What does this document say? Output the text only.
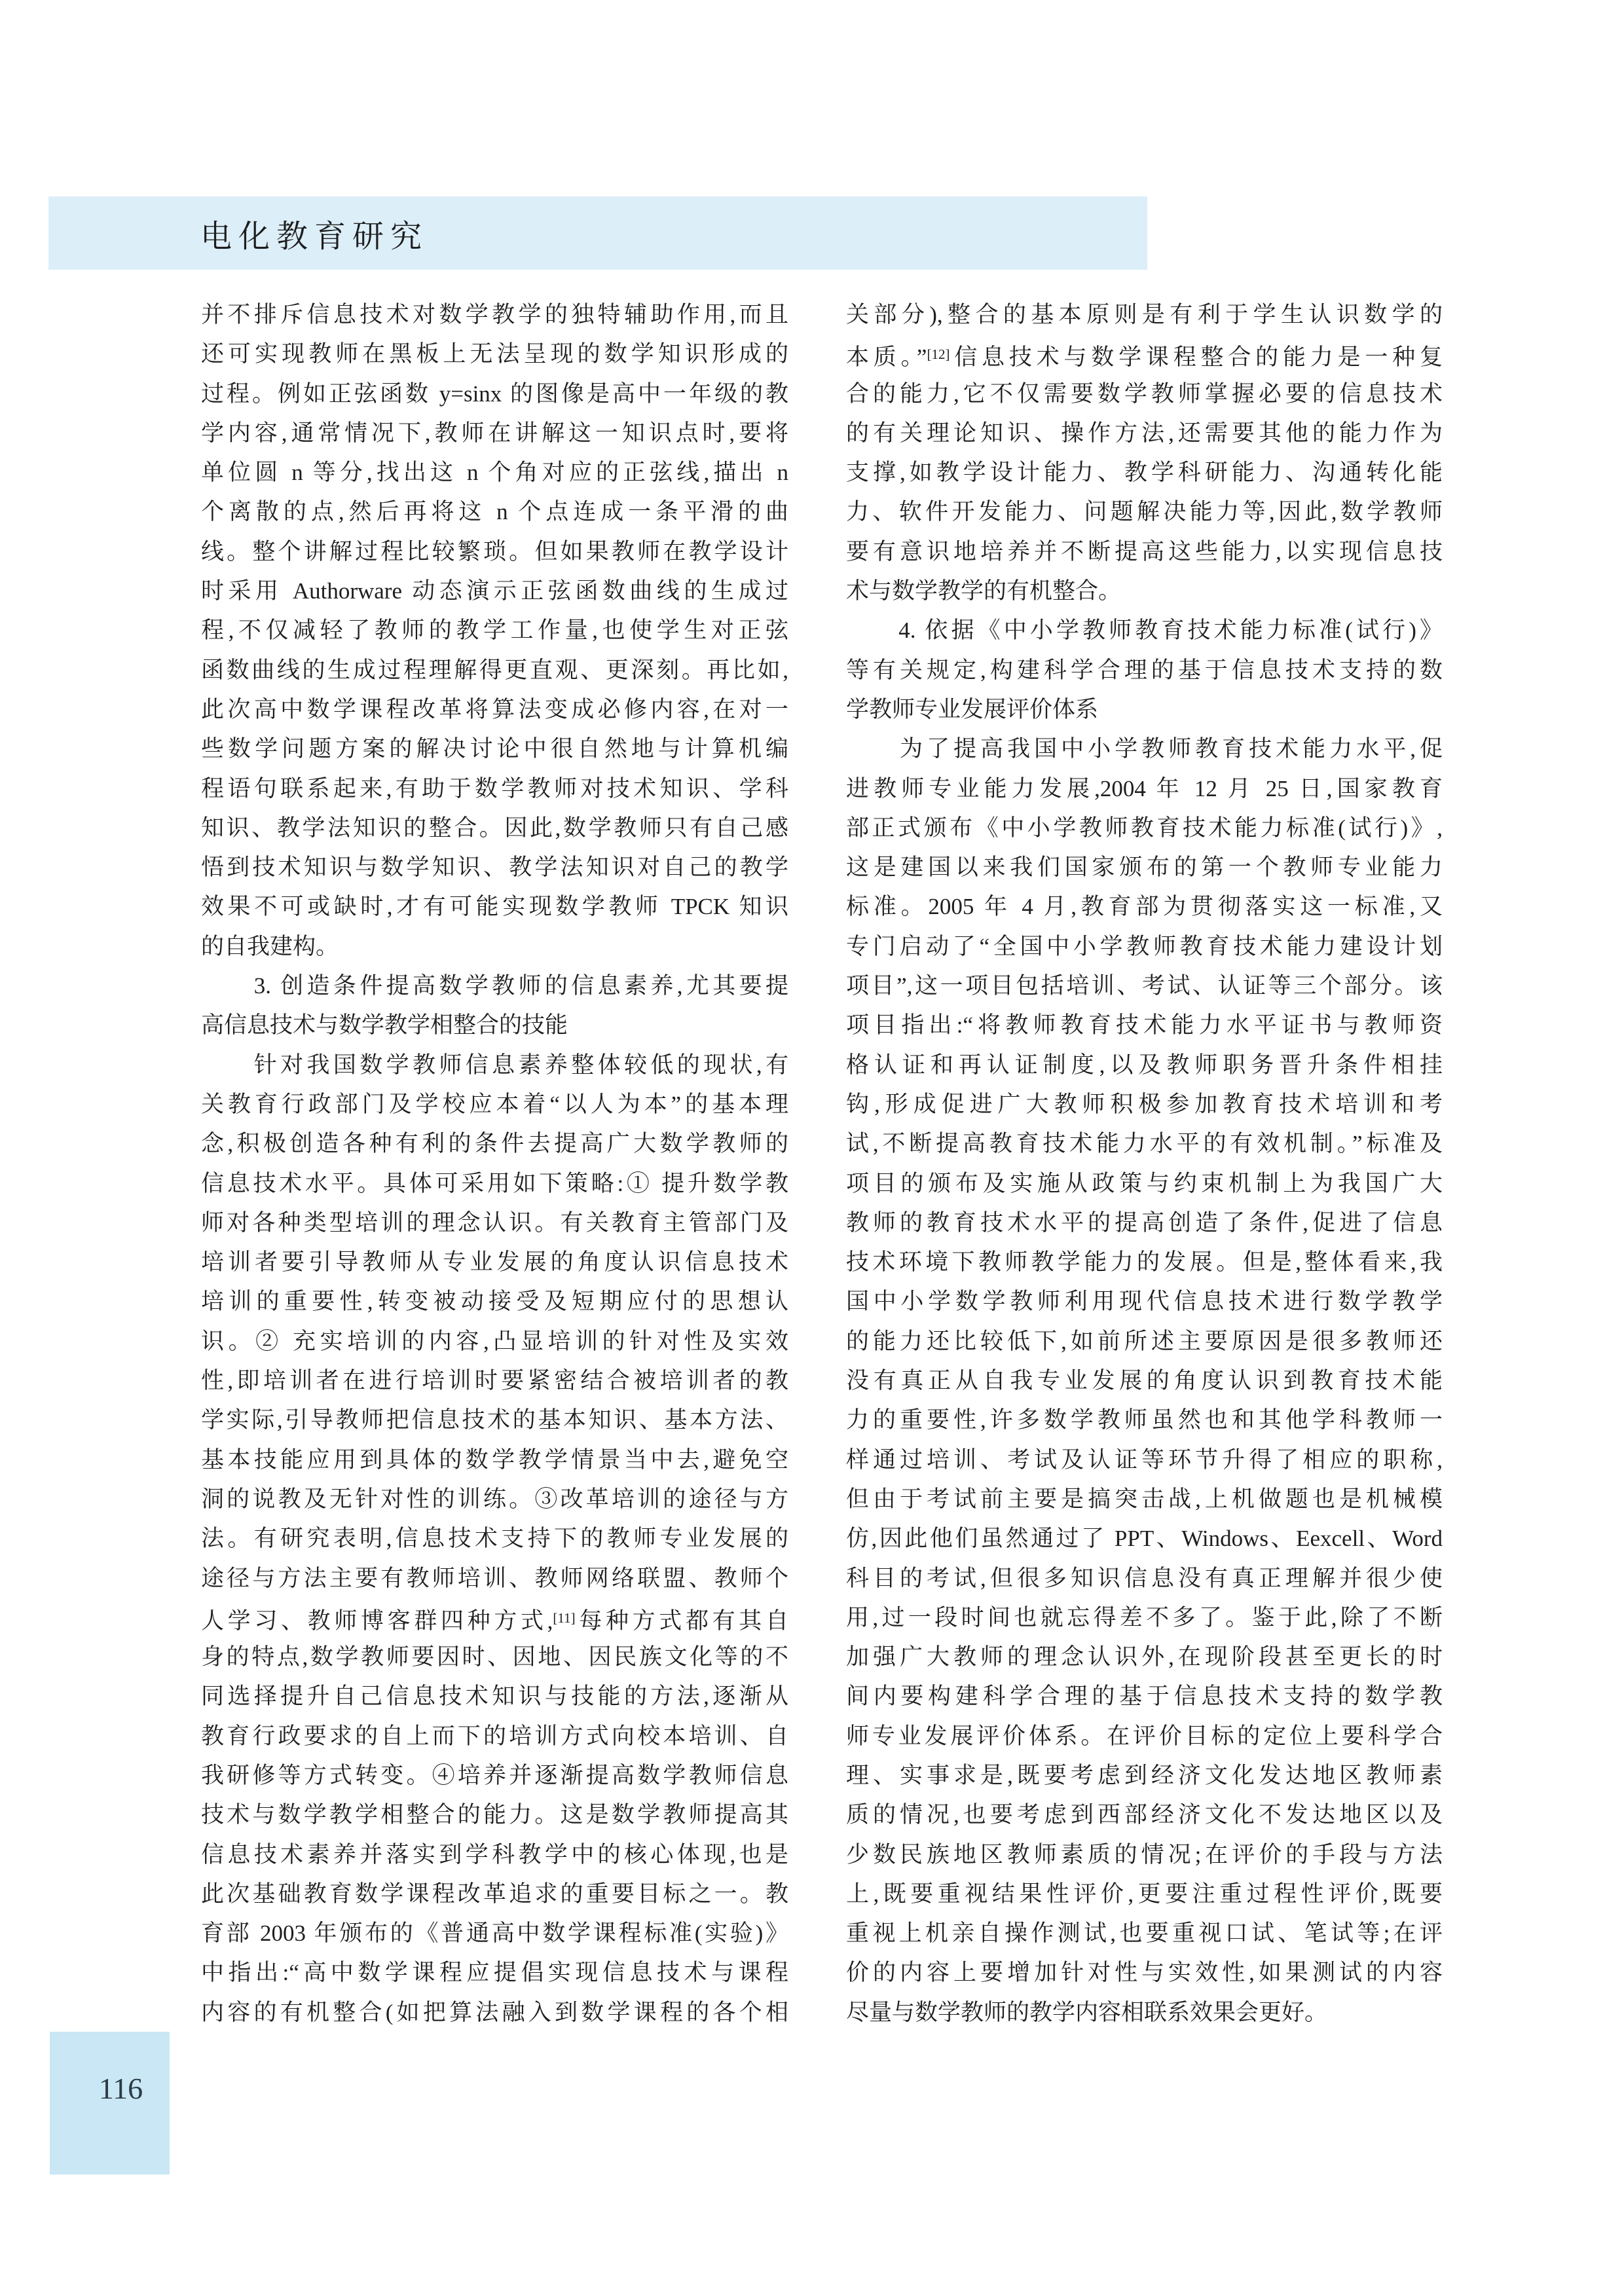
电化教育研究
并不排斥信息技术对数学教学的独特辅助作用,而且
还可实现教师在黑板上无法呈现的数学知识形成的
过程。例如正弦函数 y=sinx 的图像是高中一年级的教
学内容,通常情况下,教师在讲解这一知识点时,要将
单位圆 n 等分,找出这 n 个角对应的正弦线,描出 n
个离散的点,然后再将这 n 个点连成一条平滑的曲
线。整个讲解过程比较繁琐。但如果教师在教学设计
时采用 Authorware 动态演示正弦函数曲线的生成过
程,不仅减轻了教师的教学工作量,也使学生对正弦
函数曲线的生成过程理解得更直观、更深刻。再比如,
此次高中数学课程改革将算法变成必修内容,在对一
些数学问题方案的解决讨论中很自然地与计算机编
程语句联系起来,有助于数学教师对技术知识、学科
知识、教学法知识的整合。因此,数学教师只有自己感
悟到技术知识与数学知识、教学法知识对自己的教学
效果不可或缺时,才有可能实现数学教师 TPCK 知识
的自我建构。
　　3. 创造条件提高数学教师的信息素养,尤其要提
高信息技术与数学教学相整合的技能
　　针对我国数学教师信息素养整体较低的现状,有
关教育行政部门及学校应本着“以人为本”的基本理
念,积极创造各种有利的条件去提高广大数学教师的
信息技术水平。具体可采用如下策略:① 提升数学教
师对各种类型培训的理念认识。有关教育主管部门及
培训者要引导教师从专业发展的角度认识信息技术
培训的重要性,转变被动接受及短期应付的思想认
识。② 充实培训的内容,凸显培训的针对性及实效
性,即培训者在进行培训时要紧密结合被培训者的教
学实际,引导教师把信息技术的基本知识、基本方法、
基本技能应用到具体的数学教学情景当中去,避免空
洞的说教及无针对性的训练。③改革培训的途径与方
法。有研究表明,信息技术支持下的教师专业发展的
途径与方法主要有教师培训、教师网络联盟、教师个
人学习、教师博客群四种方式,[11]每种方式都有其自
身的特点,数学教师要因时、因地、因民族文化等的不
同选择提升自己信息技术知识与技能的方法,逐渐从
教育行政要求的自上而下的培训方式向校本培训、自
我研修等方式转变。④培养并逐渐提高数学教师信息
技术与数学教学相整合的能力。这是数学教师提高其
信息技术素养并落实到学科教学中的核心体现,也是
此次基础教育数学课程改革追求的重要目标之一。教
育部 2003 年颁布的《普通高中数学课程标准(实验)》
中指出:“高中数学课程应提倡实现信息技术与课程
内容的有机整合(如把算法融入到数学课程的各个相
关部分),整合的基本原则是有利于学生认识数学的
本质。”[12]信息技术与数学课程整合的能力是一种复
合的能力,它不仅需要数学教师掌握必要的信息技术
的有关理论知识、操作方法,还需要其他的能力作为
支撑,如教学设计能力、教学科研能力、沟通转化能
力、软件开发能力、问题解决能力等,因此,数学教师
要有意识地培养并不断提高这些能力,以实现信息技
术与数学教学的有机整合。
　　4. 依据《中小学教师教育技术能力标准(试行)》
等有关规定,构建科学合理的基于信息技术支持的数
学教师专业发展评价体系
　　为了提高我国中小学教师教育技术能力水平,促
进教师专业能力发展,2004 年 12 月 25 日,国家教育
部正式颁布《中小学教师教育技术能力标准(试行)》,
这是建国以来我们国家颁布的第一个教师专业能力
标准。2005 年 4 月,教育部为贯彻落实这一标准,又
专门启动了“全国中小学教师教育技术能力建设计划
项目”,这一项目包括培训、考试、认证等三个部分。该
项目指出:“将教师教育技术能力水平证书与教师资
格认证和再认证制度,以及教师职务晋升条件相挂
钩,形成促进广大教师积极参加教育技术培训和考
试,不断提高教育技术能力水平的有效机制。”标准及
项目的颁布及实施从政策与约束机制上为我国广大
教师的教育技术水平的提高创造了条件,促进了信息
技术环境下教师教学能力的发展。但是,整体看来,我
国中小学数学教师利用现代信息技术进行数学教学
的能力还比较低下,如前所述主要原因是很多教师还
没有真正从自我专业发展的角度认识到教育技术能
力的重要性,许多数学教师虽然也和其他学科教师一
样通过培训、考试及认证等环节升得了相应的职称,
但由于考试前主要是搞突击战,上机做题也是机械模
仿,因此他们虽然通过了 PPT、Windows、Eexcell、Word
科目的考试,但很多知识信息没有真正理解并很少使
用,过一段时间也就忘得差不多了。鉴于此,除了不断
加强广大教师的理念认识外,在现阶段甚至更长的时
间内要构建科学合理的基于信息技术支持的数学教
师专业发展评价体系。在评价目标的定位上要科学合
理、实事求是,既要考虑到经济文化发达地区教师素
质的情况,也要考虑到西部经济文化不发达地区以及
少数民族地区教师素质的情况;在评价的手段与方法
上,既要重视结果性评价,更要注重过程性评价,既要
重视上机亲自操作测试,也要重视口试、笔试等;在评
价的内容上要增加针对性与实效性,如果测试的内容
尽量与数学教师的教学内容相联系效果会更好。
116
